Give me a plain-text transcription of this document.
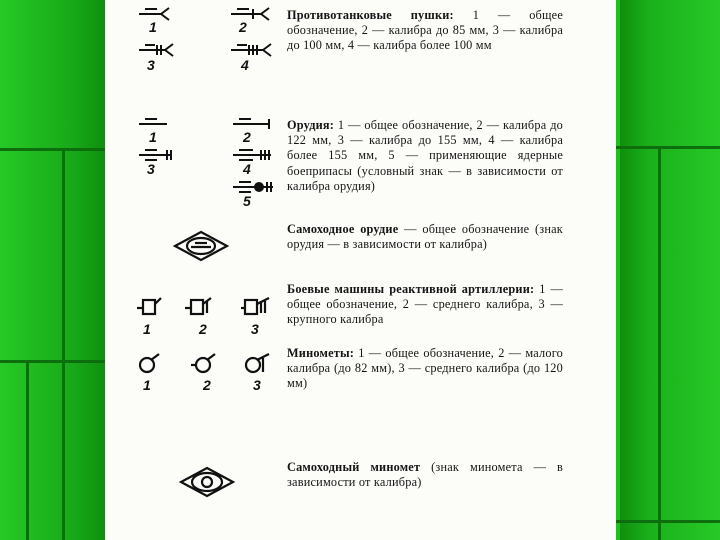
1	2
3	4
Противотанковые пушки: 1 — общее обозначение, 2 — калибра до 85 мм, 3 — калибра до 100 мм, 4 — калибра более 100 мм
1	2
3	4
5
Орудия: 1 — общее обозначение, 2 — калибра до 122 мм, 3 — калибра до 155 мм, 4 — калибра более 155 мм, 5 — применяющие ядерные боеприпасы (условный знак — в зависимости от калибра орудия)
Самоходное орудие — общее обозначение (знак орудия — в зависимости от калибра)
1	2	3
Боевые машины реактивной артиллерии: 1 — общее обозначение, 2 — среднего калибра, 3 — крупного калибра
1	2	3
Минометы: 1 — общее обозначение, 2 — малого калибра (до 82 мм), 3 — среднего калибра (до 120 мм)
Самоходный миномет (знак миномета — в зависимости от калибра)
